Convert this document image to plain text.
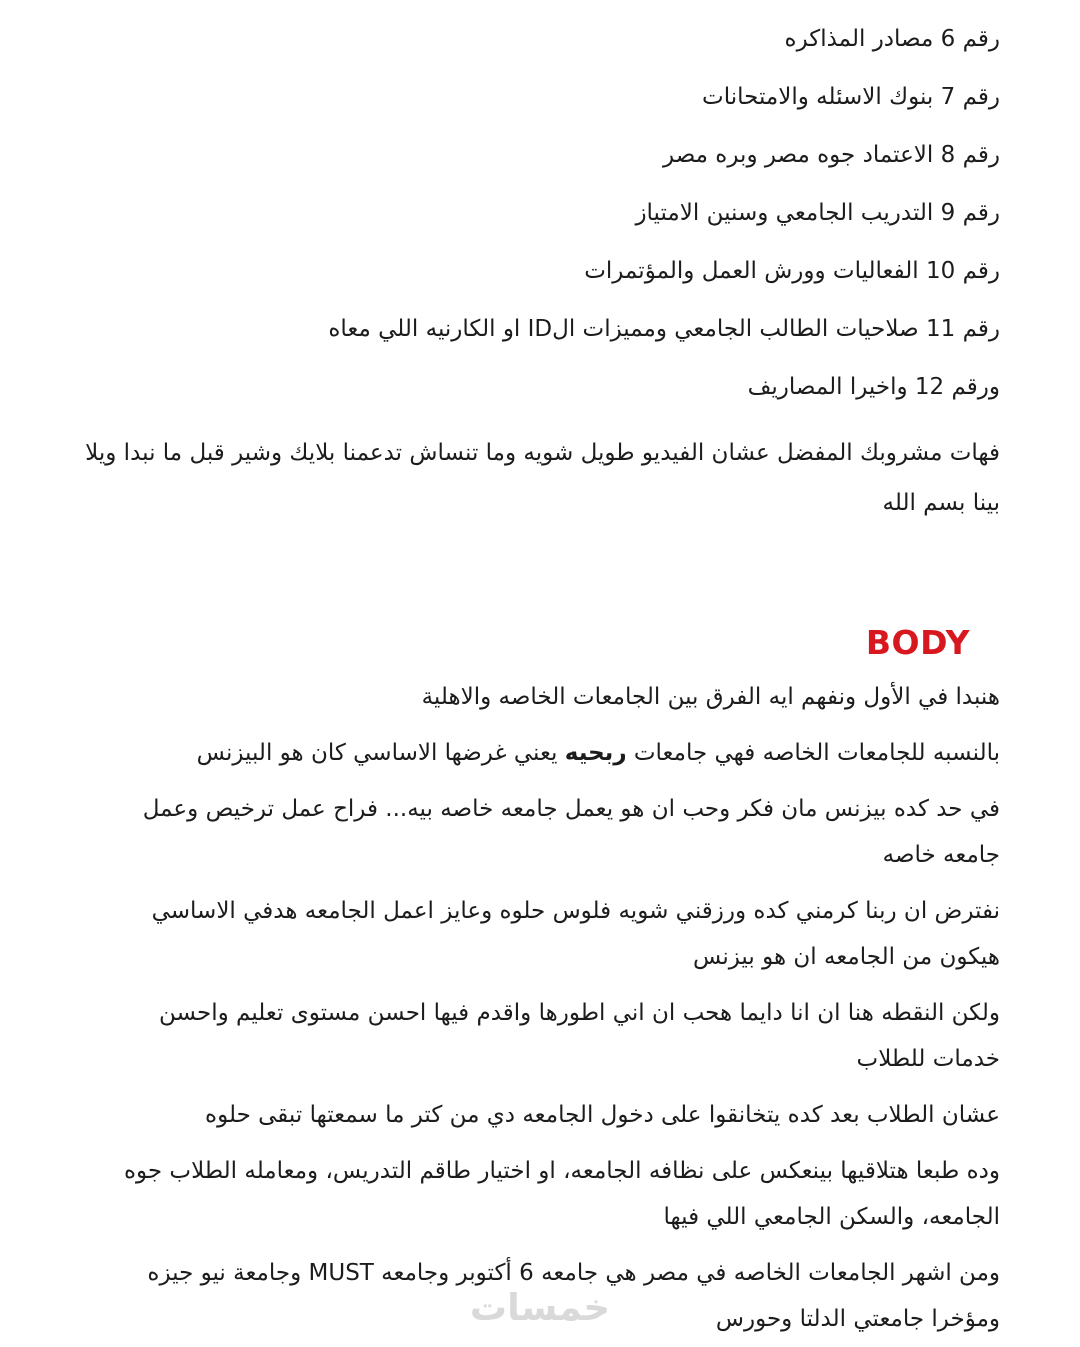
رقم 6 مصادر المذاكره

رقم 7 بنوك الاسئله والامتحانات

رقم 8 الاعتماد جوه مصر وبره مصر

رقم 9 التدريب الجامعي وسنين الامتياز

رقم 10 الفعاليات وورش العمل والمؤتمرات

رقم 11 صلاحيات الطالب الجامعي ومميزات الID او الكارنيه اللي معاه

ورقم 12 واخيرا المصاريف

فهات مشروبك المفضل عشان الفيديو طويل شويه وما تنساش تدعمنا بلايك وشير قبل ما نبدا ويلا بينا بسم الله

BODY

هنبدا في الأول ونفهم ايه الفرق بين الجامعات الخاصه والاهلية

بالنسبه للجامعات الخاصه فهي جامعات ربحيه يعني غرضها الاساسي كان هو البيزنس

في حد كده بيزنس مان فكر وحب ان هو يعمل جامعه خاصه بيه... فراح عمل ترخيص وعمل جامعه خاصه

نفترض ان ربنا كرمني كده ورزقني شويه فلوس حلوه وعايز اعمل الجامعه هدفي الاساسي هيكون من الجامعه ان هو بيزنس

ولكن النقطه هنا ان انا دايما هحب ان اني اطورها واقدم فيها احسن مستوى تعليم واحسن خدمات للطلاب

عشان الطلاب بعد كده يتخانقوا على دخول الجامعه دي من كتر ما سمعتها تبقى حلوه

وده طبعا هتلاقيها بينعكس على نظافه الجامعه، او اختيار طاقم التدريس، ومعامله الطلاب جوه الجامعه، والسكن الجامعي اللي فيها

ومن اشهر الجامعات الخاصه في مصر هي جامعه 6 أكتوبر وجامعه MUST وجامعة نيو جيزه ومؤخرا جامعتي الدلتا وحورس

خمسات
